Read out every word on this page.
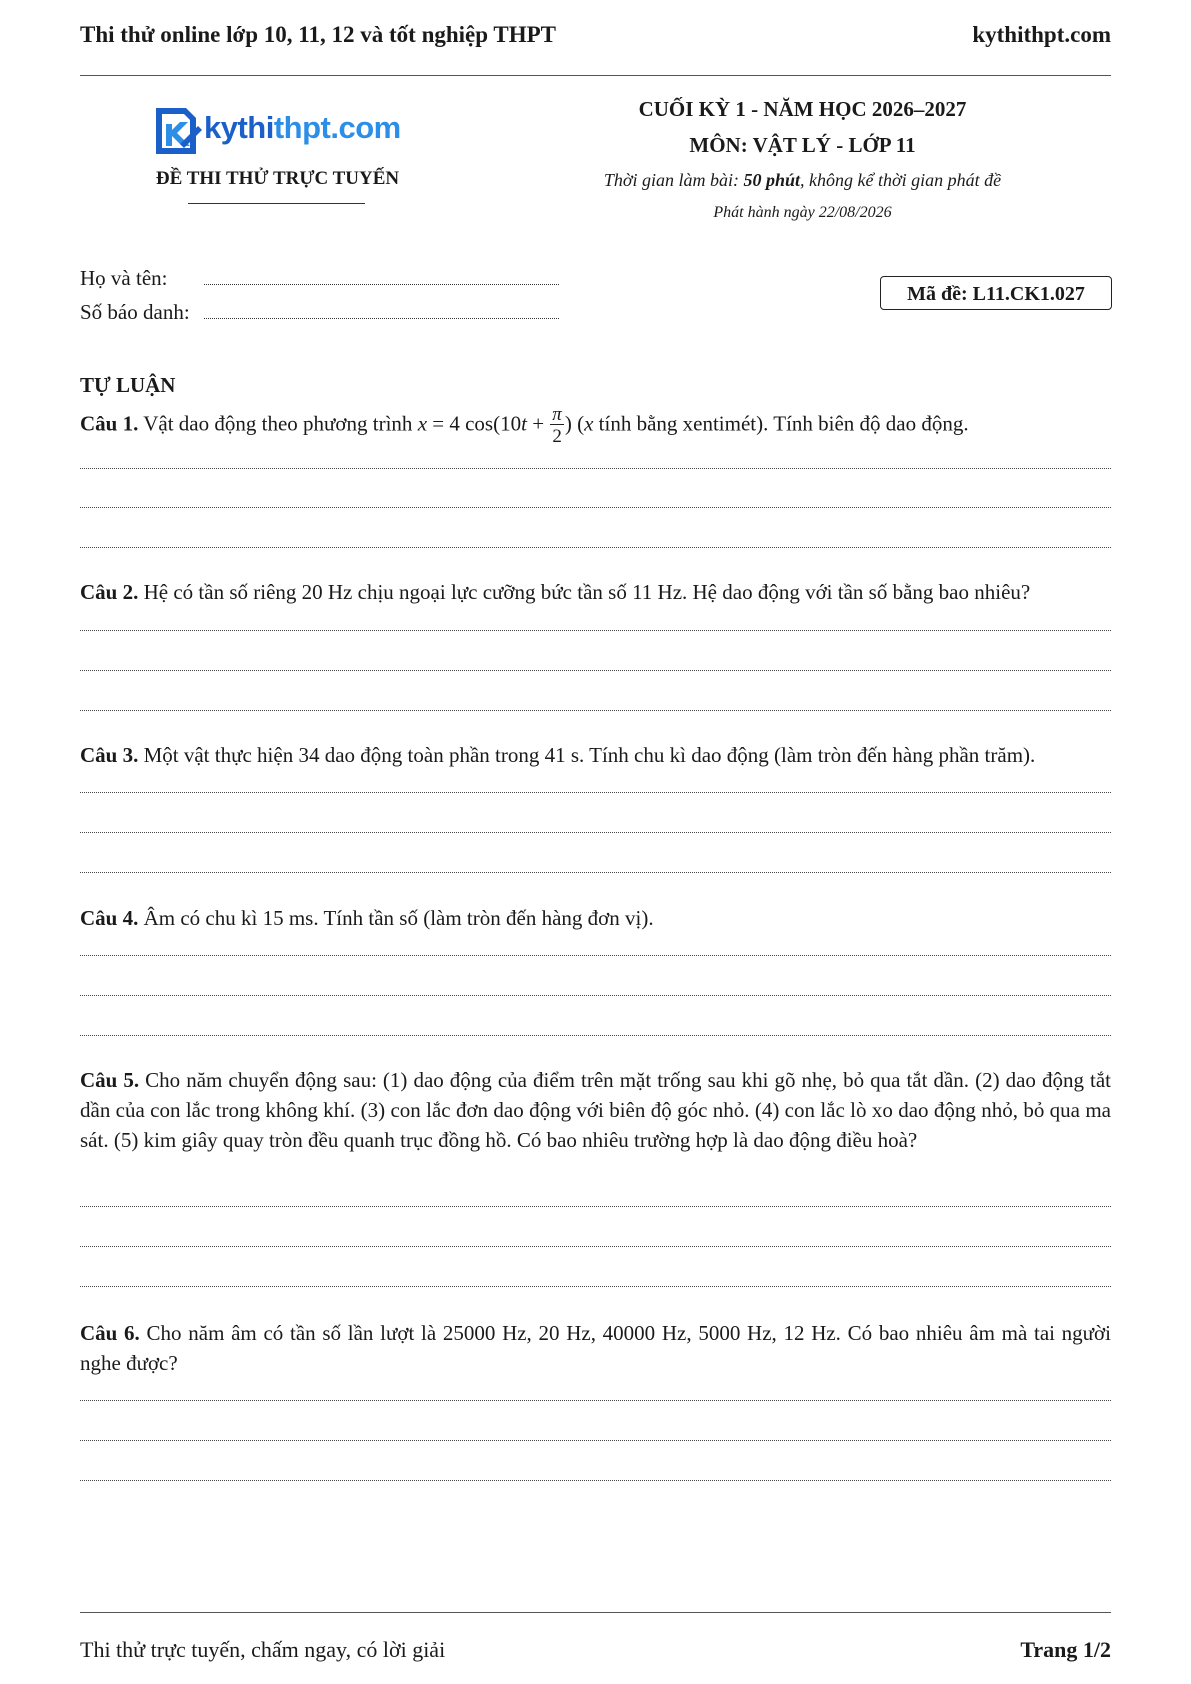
Thi thử online lớp 10, 11, 12 và tốt nghiệp THPT	kythithpt.com
kythithpt.com
ĐỀ THI THỬ TRỰC TUYẾN
CUỐI KỲ 1 - NĂM HỌC 2026–2027
MÔN: VẬT LÝ - LỚP 11
Thời gian làm bài: 50 phút, không kể thời gian phát đề
Phát hành ngày 22/08/2026
Họ và tên:
Số báo danh:
Mã đề: L11.CK1.027
TỰ LUẬN
Câu 1. Vật dao động theo phương trình x = 4 $\cos(10t + \frac{\pi}{2}$ ) (x tính bằng xentimét). Tính biên độ dao động.
Câu 2. Hệ có tần số riêng 20 Hz chịu ngoại lực cưỡng bức tần số 11 Hz. Hệ dao động với tần số bằng bao nhiêu?
Câu 3. Một vật thực hiện 34 dao động toàn phần trong 41 s. Tính chu kì dao động (làm tròn đến hàng phần trăm).
Câu 4. Âm có chu kì 15 ms. Tính tần số (làm tròn đến hàng đơn vị).
Câu 5. Cho năm chuyển động sau: (1) dao động của điểm trên mặt trống sau khi gõ nhẹ, bỏ qua tắt dần. (2) dao động tắt dần của con lắc trong không khí. (3) con lắc đơn dao động với biên độ góc nhỏ. (4) con lắc lò xo dao động nhỏ, bỏ qua ma sát. (5) kim giây quay tròn đều quanh trục đồng hồ. Có bao nhiêu trường hợp là dao động điều hoà?
Câu 6. Cho năm âm có tần số lần lượt là 25000 Hz, 20 Hz, 40000 Hz, 5000 Hz, 12 Hz. Có bao nhiêu âm mà tai người nghe được?
Thi thử trực tuyến, chấm ngay, có lời giải	Trang 1/2
